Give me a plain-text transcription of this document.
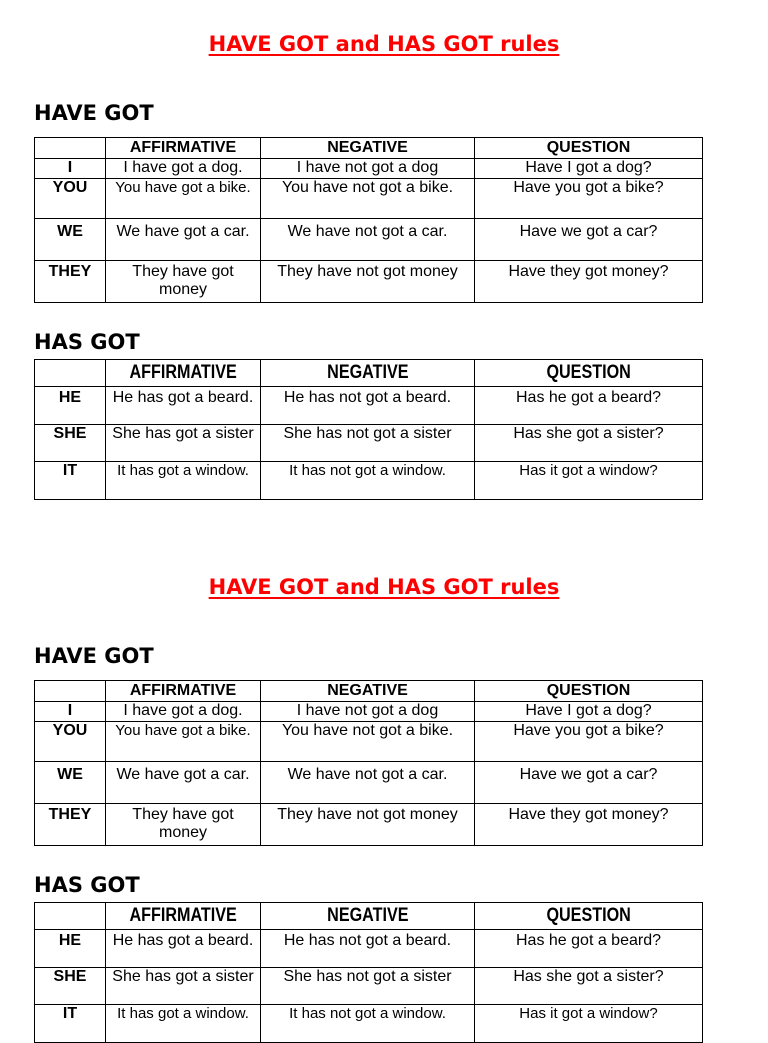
HAVE GOT and HAS GOT rules
HAVE GOT
	AFFIRMATIVE	NEGATIVE	QUESTION
I	I have got a dog.	I have not got a dog	Have I got a dog?
YOU	You have got a bike.	You have not got a bike.	Have you got a bike?
WE	We have got a car.	We have not got a car.	Have we got a car?
THEY	They have got money	They have not got money	Have they got money?
HAS GOT
	AFFIRMATIVE	NEGATIVE	QUESTION
HE	He has got a beard.	He has not got a beard.	Has he got a beard?
SHE	She has got a sister	She has not got a sister	Has she got a sister?
IT	It has got a window.	It has not got a window.	Has it got a window?
HAVE GOT and HAS GOT rules
HAVE GOT
	AFFIRMATIVE	NEGATIVE	QUESTION
I	I have got a dog.	I have not got a dog	Have I got a dog?
YOU	You have got a bike.	You have not got a bike.	Have you got a bike?
WE	We have got a car.	We have not got a car.	Have we got a car?
THEY	They have got money	They have not got money	Have they got money?
HAS GOT
	AFFIRMATIVE	NEGATIVE	QUESTION
HE	He has got a beard.	He has not got a beard.	Has he got a beard?
SHE	She has got a sister	She has not got a sister	Has she got a sister?
IT	It has got a window.	It has not got a window.	Has it got a window?
